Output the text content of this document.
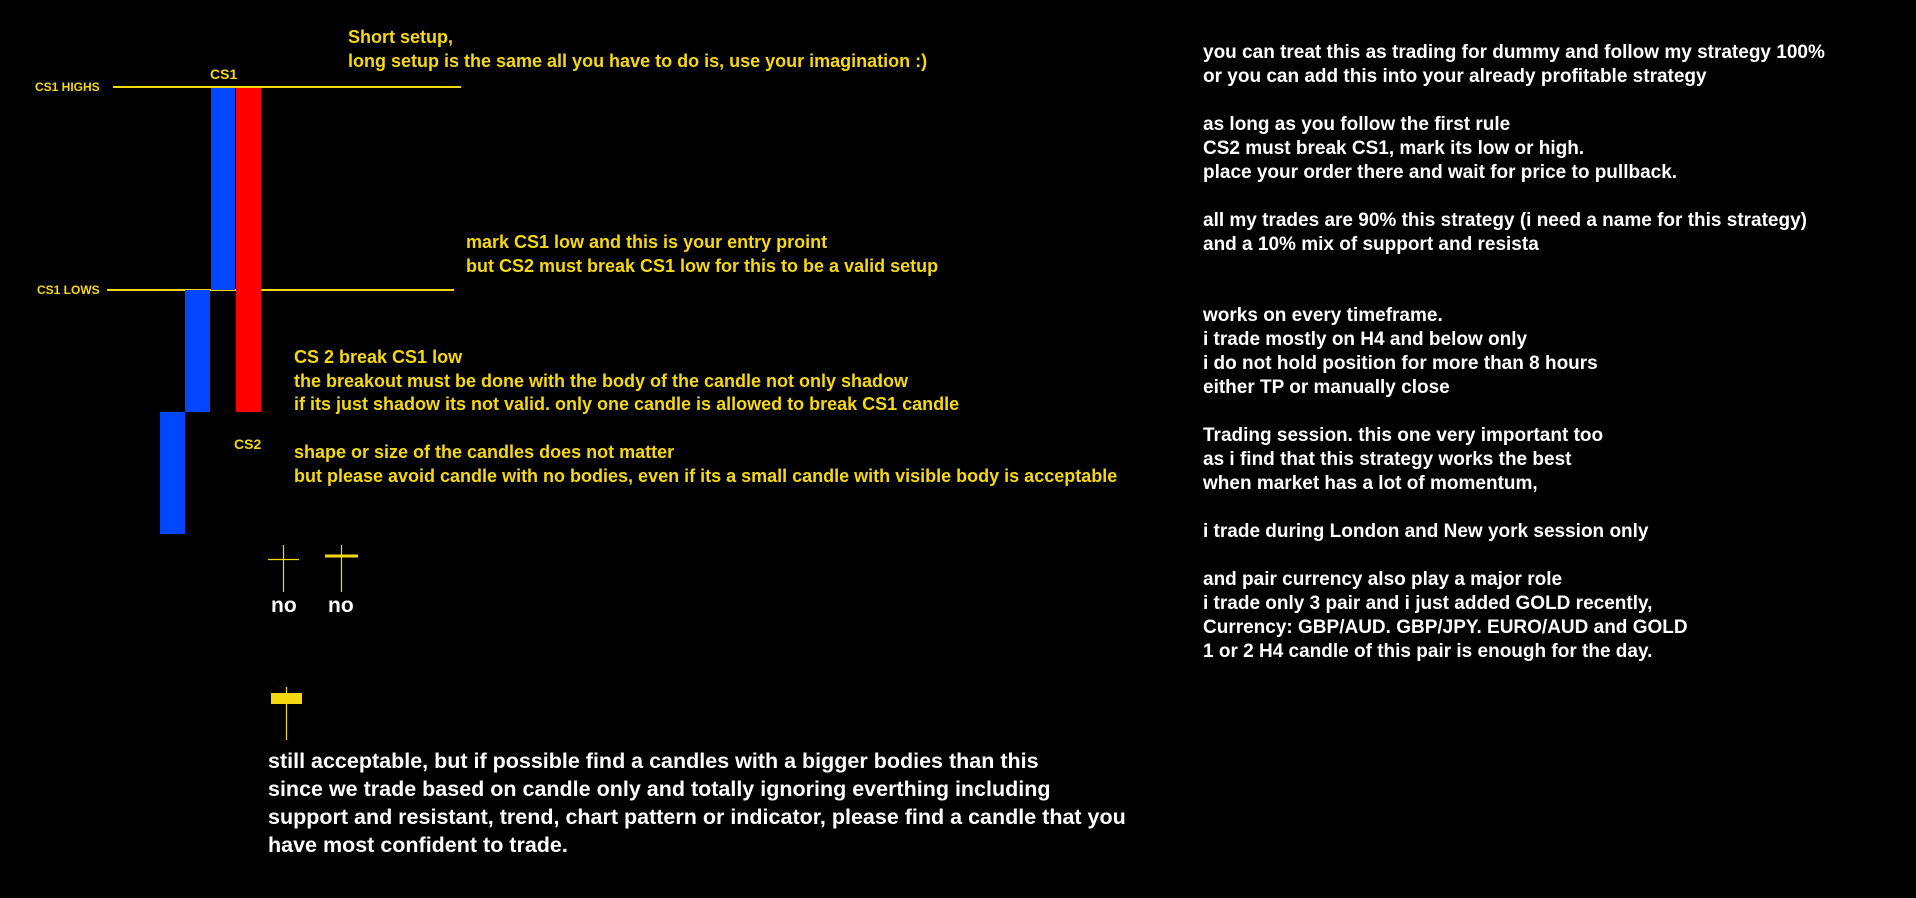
CS1 HIGHS
CS1 LOWS
CS1
CS2
no no
Short setup,
long setup is the same all you have to do is, use your imagination :)
mark CS1 low and this is your entry proint
but CS2 must break CS1 low for this to be a valid setup
CS 2 break CS1 low
the breakout must be done with the body of the candle not only shadow
if its just shadow its not valid. only one candle is allowed to break CS1 candle
shape or size of the candles does not matter
but please avoid candle with no bodies, even if its a small candle with visible body is acceptable
still acceptable, but if possible find a candles with a bigger bodies than this
since we trade based on candle only and totally ignoring everthing including
support and resistant, trend, chart pattern or indicator, please find a candle that you
have most confident to trade.
you can treat this as trading for dummy and follow my strategy 100%
or you can add this into your already profitable strategy
as long as you follow the first rule
CS2 must break CS1, mark its low or high.
place your order there and wait for price to pullback.
all my trades are 90% this strategy (i need a name for this strategy)
and a 10% mix of support and resista
works on every timeframe.
i trade mostly on H4 and below only
i do not hold position for more than 8 hours
either TP or manually close
Trading session. this one very important too
as i find that this strategy works the best
when market has a lot of momentum,
i trade during London and New york session only
and pair currency also play a major role
i trade only 3 pair and i just added GOLD recently,
Currency: GBP/AUD. GBP/JPY. EURO/AUD and GOLD
1 or 2 H4 candle of this pair is enough for the day.
